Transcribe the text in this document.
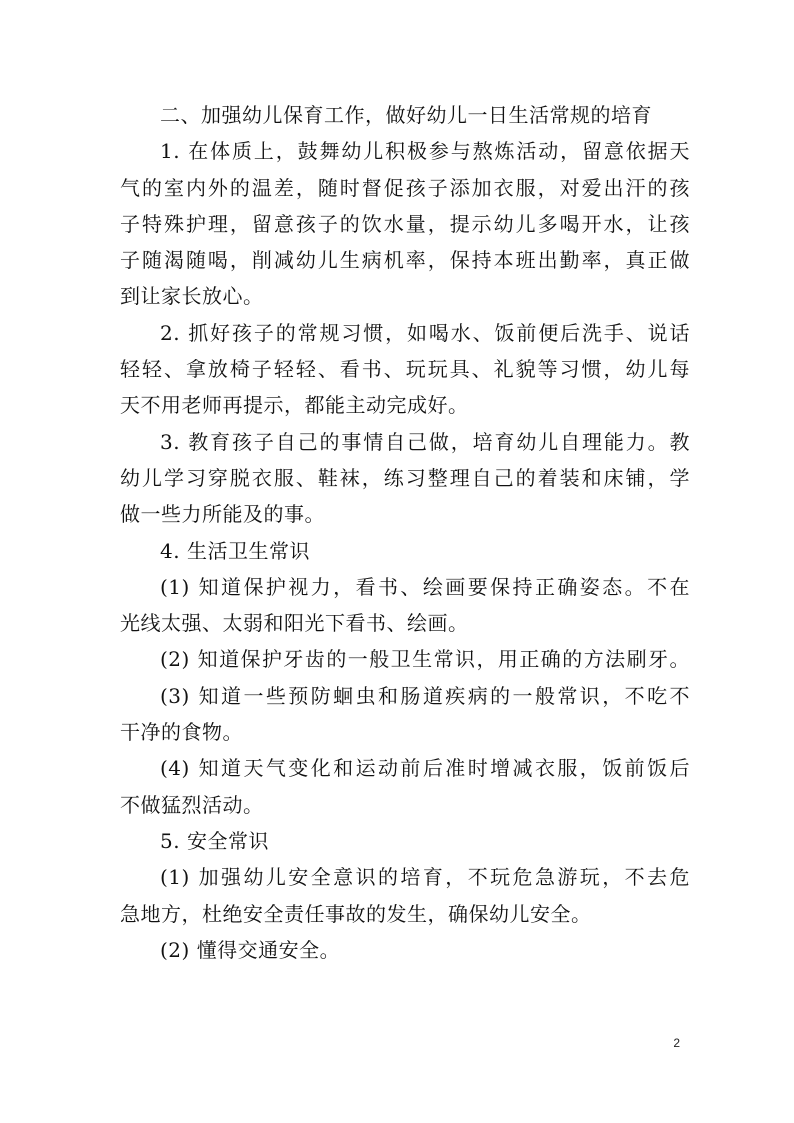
二、加强幼儿保育工作，做好幼儿一日生活常规的培育
1. 在体质上，鼓舞幼儿积极参与熬炼活动，留意依据天
气的室内外的温差，随时督促孩子添加衣服，对爱出汗的孩
子特殊护理，留意孩子的饮水量，提示幼儿多喝开水，让孩
子随渴随喝，削减幼儿生病机率，保持本班出勤率，真正做
到让家长放心。
2. 抓好孩子的常规习惯，如喝水、饭前便后洗手、说话
轻轻、拿放椅子轻轻、看书、玩玩具、礼貌等习惯，幼儿每
天不用老师再提示，都能主动完成好。
3. 教育孩子自己的事情自己做，培育幼儿自理能力。教
幼儿学习穿脱衣服、鞋袜，练习整理自己的着装和床铺，学
做一些力所能及的事。
4. 生活卫生常识
(1) 知道保护视力，看书、绘画要保持正确姿态。不在
光线太强、太弱和阳光下看书、绘画。
(2) 知道保护牙齿的一般卫生常识，用正确的方法刷牙。
(3) 知道一些预防蛔虫和肠道疾病的一般常识，不吃不
干净的食物。
(4) 知道天气变化和运动前后准时增减衣服，饭前饭后
不做猛烈活动。
5. 安全常识
(1) 加强幼儿安全意识的培育，不玩危急游玩，不去危
急地方，杜绝安全责任事故的发生，确保幼儿安全。
(2) 懂得交通安全。
2
